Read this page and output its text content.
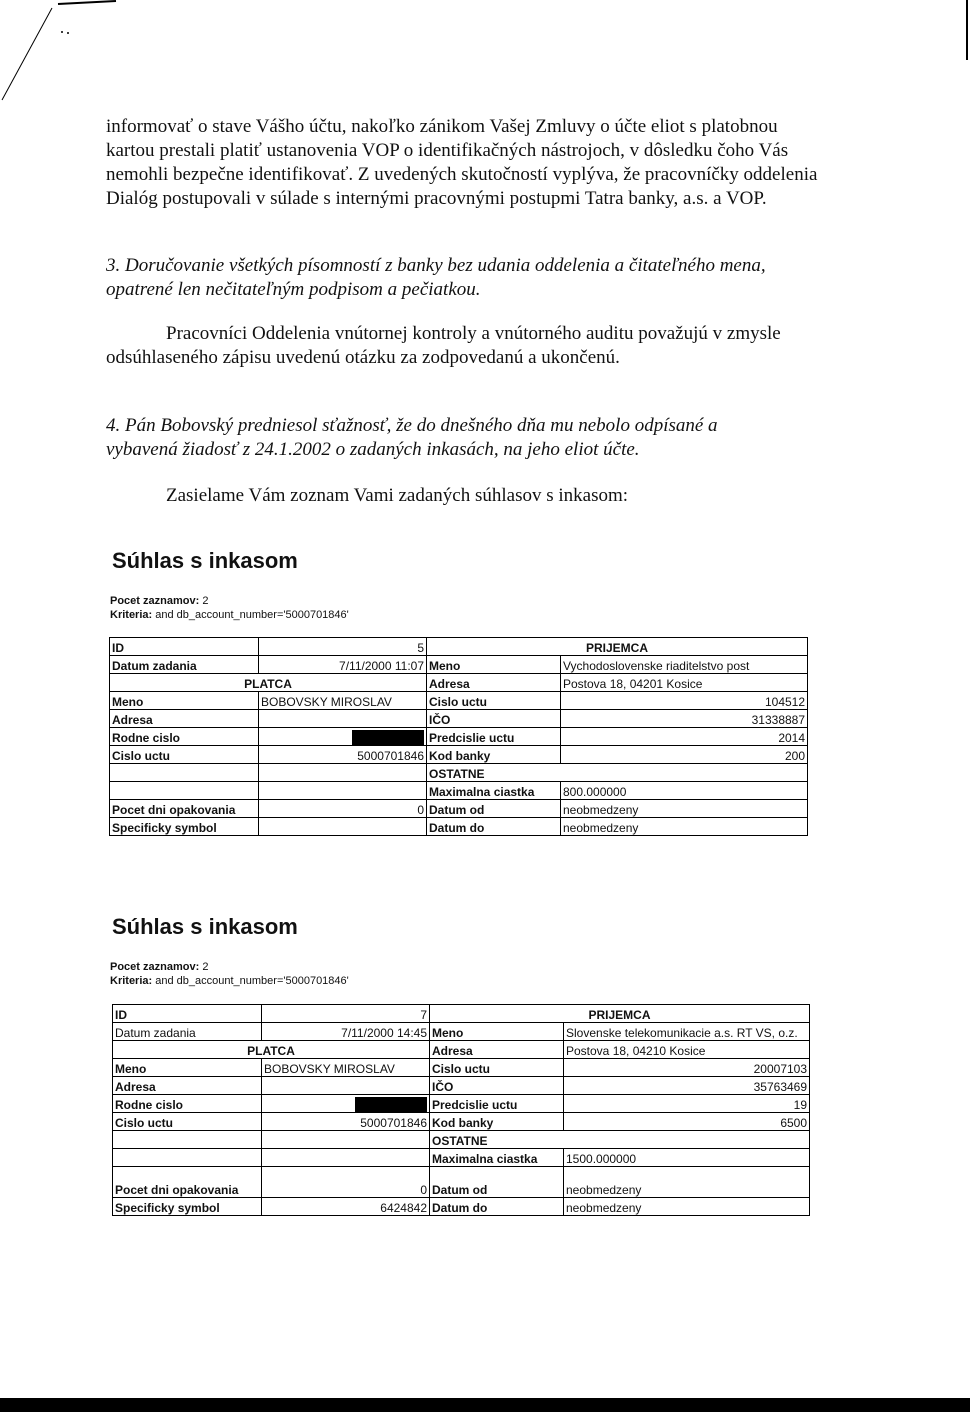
informovať o stave Vášho účtu, nakoľko zánikom Vašej Zmluvy o účte eliot s platobnou
kartou prestali platiť ustanovenia VOP o identifikačných nástrojoch, v dôsledku čoho Vás
nemohli bezpečne identifikovať. Z uvedených skutočností vyplýva, že pracovníčky oddelenia
Dialóg postupovali v súlade s internými pracovnými postupmi Tatra banky, a.s. a VOP.
3. Doručovanie všetkých písomností z banky bez udania oddelenia a čitateľného mena,
opatrené len nečitateľným podpisom a pečiatkou.
Pracovníci Oddelenia vnútornej kontroly a vnútorného auditu považujú v zmysle
odsúhlaseného zápisu uvedenú otázku za zodpovedanú a ukončenú.
4. Pán Bobovský predniesol sťažnosť, že do dnešného dňa mu nebolo odpísané a
vybavená žiadosť z 24.1.2002 o zadaných inkasách, na jeho eliot účte.
Zasielame Vám zoznam Vami zadaných súhlasov s inkasom:
Súhlas s inkasom
Pocet zaznamov: 2
Kriteria: and db_account_number='5000701846'
ID	5	PRIJEMCA	
Datum zadania	7/11/2000 11:07	Meno	Vychodoslovenske riaditelstvo post
PLATCA		Adresa	Postova 18, 04201 Kosice
Meno	BOBOVSKY MIROSLAV	Cislo uctu	104512
Adresa		IČO	31338887
Rodne cislo		Predcislie uctu	2014
Cislo uctu	5000701846	Kod banky	200
		OSTATNE	
		Maximalna ciastka	800.000000
Pocet dni opakovania	0	Datum od	neobmedzeny
Specificky symbol		Datum do	neobmedzeny
Súhlas s inkasom
Pocet zaznamov: 2
Kriteria: and db_account_number='5000701846'
ID	7	PRIJEMCA	
Datum zadania	7/11/2000 14:45	Meno	Slovenske telekomunikacie a.s. RT VS, o.z.
PLATCA		Adresa	Postova 18, 04210 Kosice
Meno	BOBOVSKY MIROSLAV	Cislo uctu	20007103
Adresa		IČO	35763469
Rodne cislo		Predcislie uctu	19
Cislo uctu	5000701846	Kod banky	6500
		OSTATNE	
		Maximalna ciastka	1500.000000
Pocet dni opakovania	0	Datum od	neobmedzeny
Specificky symbol	6424842	Datum do	neobmedzeny
